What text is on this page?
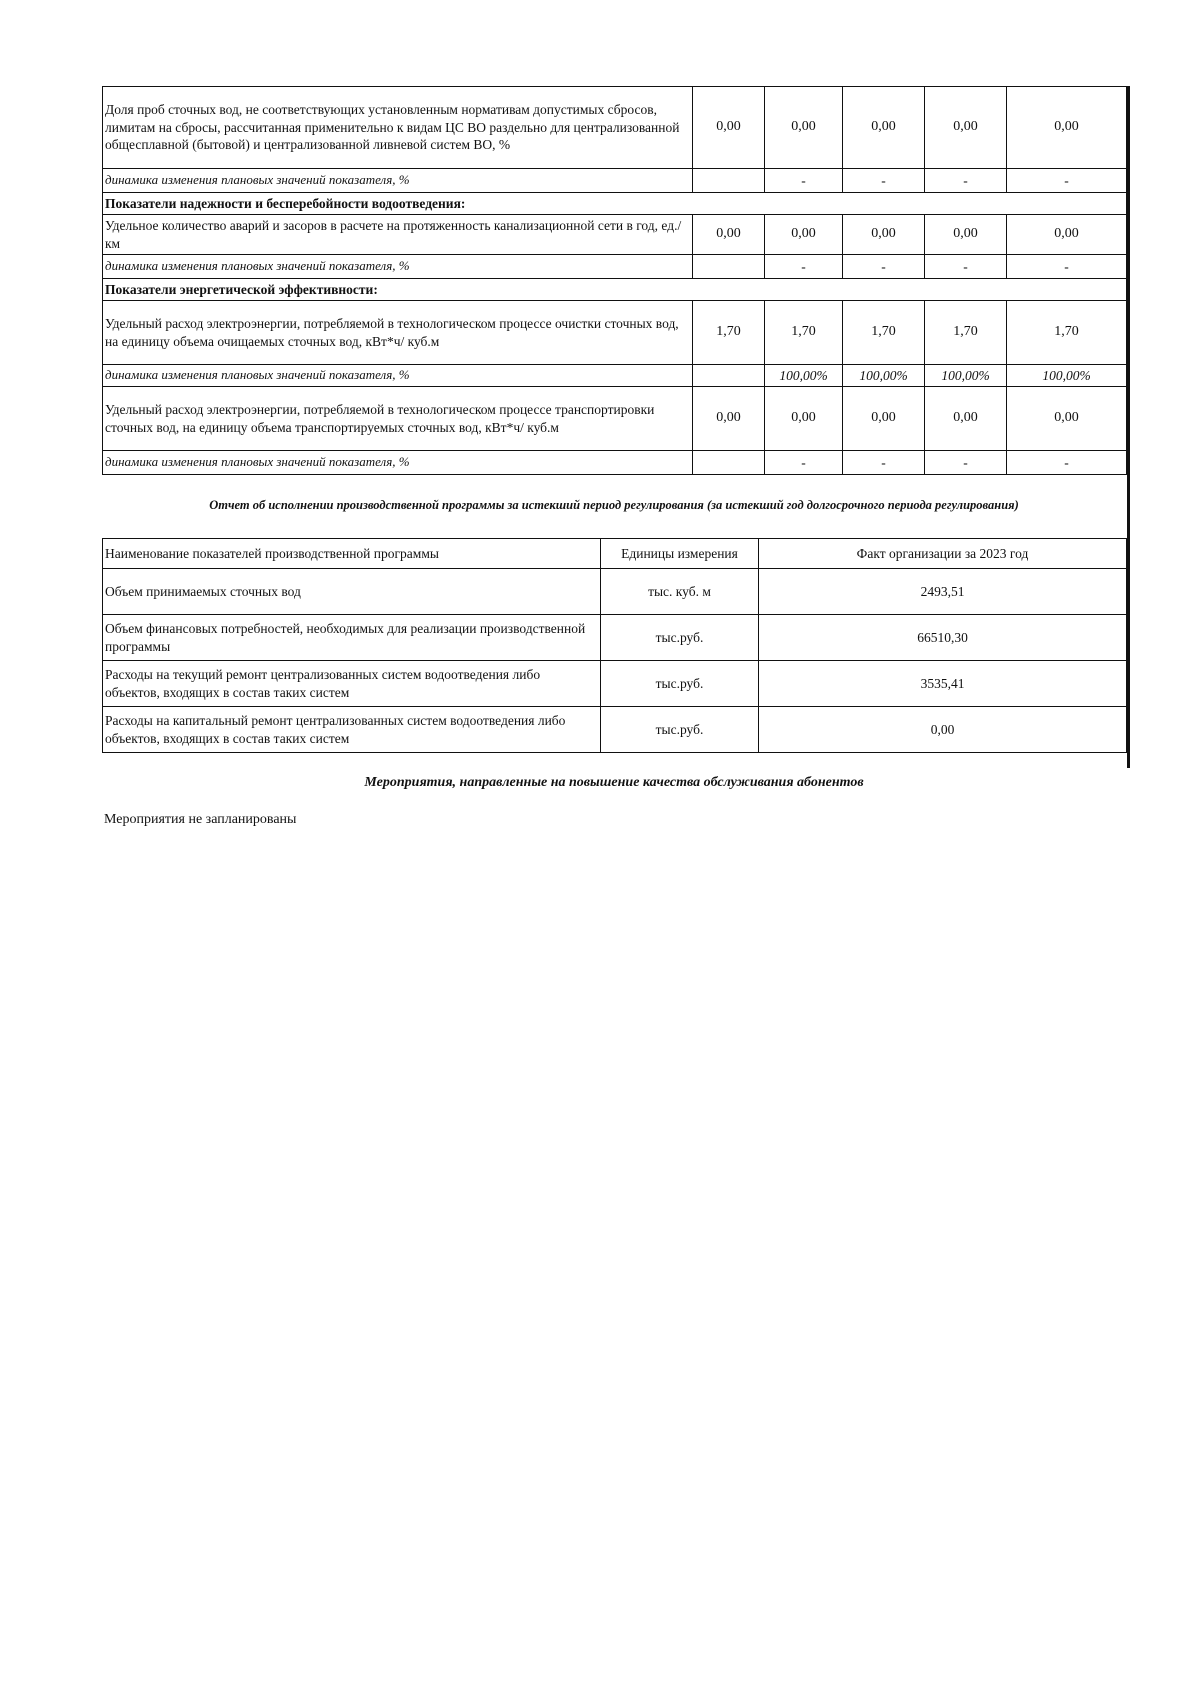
Доля проб сточных вод, не соответствующих установленным нормативам допустимых сбросов, лимитам на сбросы, рассчитанная применительно к видам ЦС ВО раздельно для централизованной общесплавной (бытовой) и централизованной ливневой систем ВО, %	0,00	0,00	0,00	0,00	0,00
динамика изменения плановых значений показателя, %		-	-	-	-
Показатели надежности и бесперебойности водоотведения:					
Удельное количество аварий и засоров в расчете на протяженность канализационной сети в год, ед./км	0,00	0,00	0,00	0,00	0,00
динамика изменения плановых значений показателя, %		-	-	-	-
Показатели энергетической эффективности:					
Удельный расход электроэнергии, потребляемой в технологическом процессе очистки сточных вод, на единицу объема очищаемых сточных вод, кВт*ч/ куб.м	1,70	1,70	1,70	1,70	1,70
динамика изменения плановых значений показателя, %		100,00%	100,00%	100,00%	100,00%
Удельный расход электроэнергии, потребляемой в технологическом процессе транспортировки сточных вод, на единицу объема транспортируемых сточных вод, кВт*ч/ куб.м	0,00	0,00	0,00	0,00	0,00
динамика изменения плановых значений показателя, %		-	-	-	-
Отчет об исполнении производственной программы за истекший период регулирования (за истекший год долгосрочного периода регулирования)
Наименование показателей производственной программы	Единицы измерения	Факт организации за 2023 год
Объем принимаемых сточных вод	тыс. куб. м	2493,51
Объем финансовых потребностей, необходимых для реализации производственной программы	тыс.руб.	66510,30
Расходы на текущий ремонт централизованных систем водоотведения либо объектов, входящих в состав таких систем	тыс.руб.	3535,41
Расходы на капитальный ремонт централизованных систем водоотведения либо объектов, входящих в состав таких систем	тыс.руб.	0,00
Мероприятия, направленные на повышение качества обслуживания абонентов
Мероприятия не запланированы
